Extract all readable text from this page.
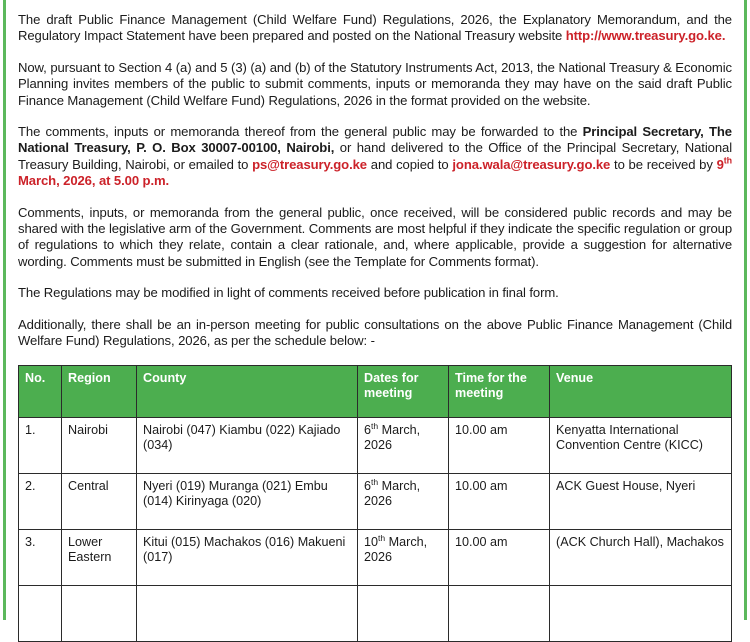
The draft Public Finance Management (Child Welfare Fund) Regulations, 2026, the Explanatory Memorandum, and the Regulatory Impact Statement have been prepared and posted on the National Treasury website http://www.treasury.go.ke.

Now, pursuant to Section 4 (a) and 5 (3) (a) and (b) of the Statutory Instruments Act, 2013, the National Treasury & Economic Planning invites members of the public to submit comments, inputs or memoranda they may have on the said draft Public Finance Management (Child Welfare Fund) Regulations, 2026 in the format provided on the website.

The comments, inputs or memoranda thereof from the general public may be forwarded to the Principal Secretary, The National Treasury, P. O. Box 30007-00100, Nairobi, or hand delivered to the Office of the Principal Secretary, National Treasury Building, Nairobi, or emailed to ps@treasury.go.ke and copied to jona.wala@treasury.go.ke to be received by 9th March, 2026, at 5.00 p.m.

Comments, inputs, or memoranda from the general public, once received, will be considered public records and may be shared with the legislative arm of the Government. Comments are most helpful if they indicate the specific regulation or group of regulations to which they relate, contain a clear rationale, and, where applicable, provide a suggestion for alternative wording. Comments must be submitted in English (see the Template for Comments format).

The Regulations may be modified in light of comments received before publication in final form.

Additionally, there shall be an in-person meeting for public consultations on the above Public Finance Management (Child Welfare Fund) Regulations, 2026, as per the schedule below: -

No.	Region	County	Dates for meeting	Time for the meeting	Venue
1.	Nairobi	Nairobi (047) Kiambu (022) Kajiado (034)	6th March, 2026	10.00 am	Kenyatta International Convention Centre (KICC)
2.	Central	Nyeri (019) Muranga (021) Embu (014) Kirinyaga (020)	6th March, 2026	10.00 am	ACK Guest House, Nyeri
3.	Lower Eastern	Kitui (015) Machakos (016) Makueni (017)	10th March, 2026	10.00 am	(ACK Church Hall), Machakos
